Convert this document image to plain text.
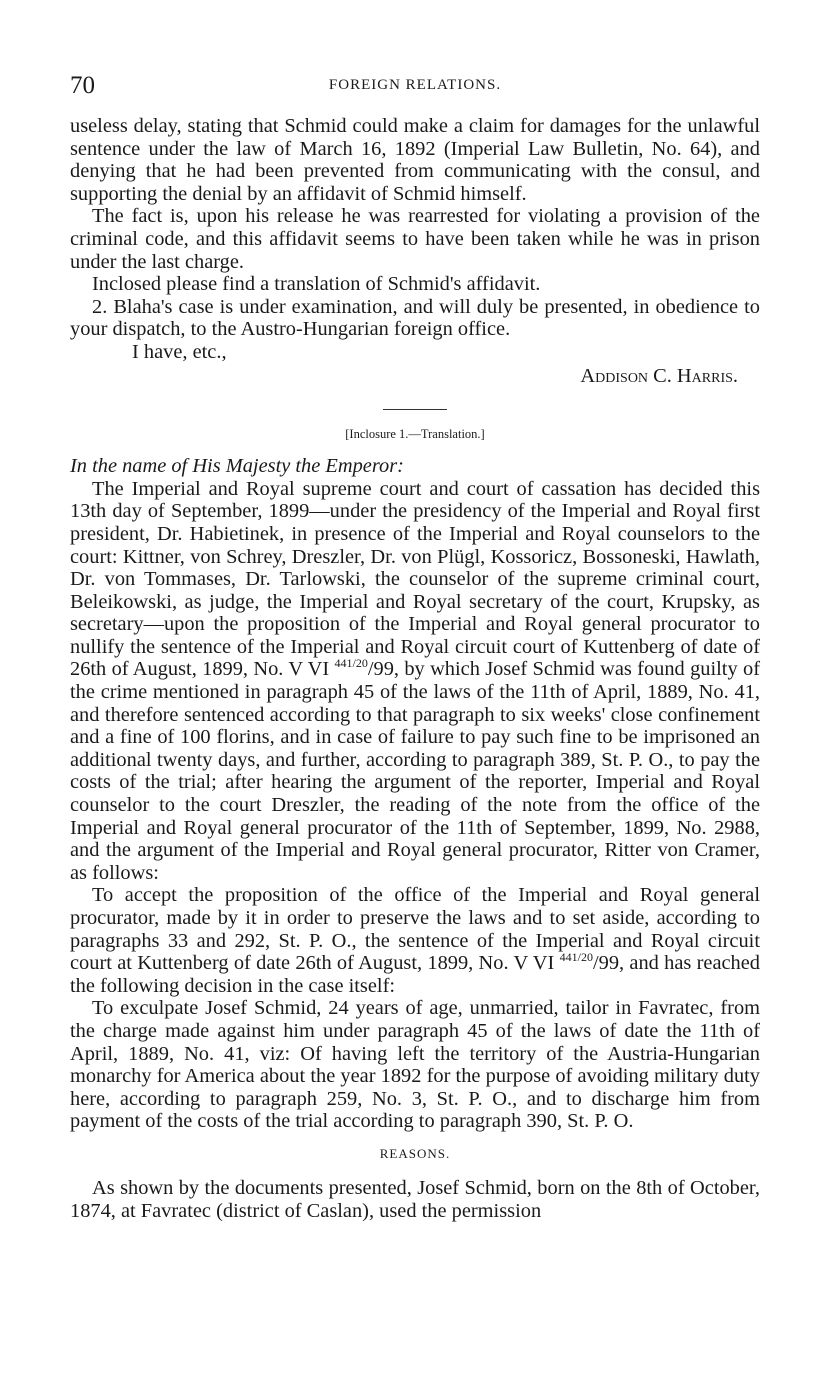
70	FOREIGN RELATIONS.

useless delay, stating that Schmid could make a claim for damages for the unlawful sentence under the law of March 16, 1892 (Imperial Law Bulletin, No. 64), and denying that he had been prevented from communicating with the consul, and supporting the denial by an affidavit of Schmid himself.

The fact is, upon his release he was rearrested for violating a provision of the criminal code, and this affidavit seems to have been taken while he was in prison under the last charge.

Inclosed please find a translation of Schmid's affidavit.

2. Blaha's case is under examination, and will duly be presented, in obedience to your dispatch, to the Austro-Hungarian foreign office.

I have, etc.,

Addison C. Harris.

[Inclosure 1.—Translation.]

In the name of His Majesty the Emperor:

The Imperial and Royal supreme court and court of cassation has decided this 13th day of September, 1899—under the presidency of the Imperial and Royal first president, Dr. Habietinek, in presence of the Imperial and Royal counselors to the court: Kittner, von Schrey, Dreszler, Dr. von Plügl, Kossoricz, Bossoneski, Hawlath, Dr. von Tommases, Dr. Tarlowski, the counselor of the supreme criminal court, Beleikowski, as judge, the Imperial and Royal secretary of the court, Krupsky, as secretary—upon the proposition of the Imperial and Royal general procurator to nullify the sentence of the Imperial and Royal circuit court of Kuttenberg of date of 26th of August, 1899, No. V VI $^{441/20}$/99, by which Josef Schmid was found guilty of the crime mentioned in paragraph 45 of the laws of the 11th of April, 1889, No. 41, and therefore sentenced according to that paragraph to six weeks' close confinement and a fine of 100 florins, and in case of failure to pay such fine to be imprisoned an additional twenty days, and further, according to paragraph 389, St. P. O., to pay the costs of the trial; after hearing the argument of the reporter, Imperial and Royal counselor to the court Dreszler, the reading of the note from the office of the Imperial and Royal general procurator of the 11th of September, 1899, No. 2988, and the argument of the Imperial and Royal general procurator, Ritter von Cramer, as follows:

To accept the proposition of the office of the Imperial and Royal general procurator, made by it in order to preserve the laws and to set aside, according to paragraphs 33 and 292, St. P. O., the sentence of the Imperial and Royal circuit court at Kuttenberg of date 26th of August, 1899, No. V VI $^{441/20}$/99, and has reached the following decision in the case itself:

To exculpate Josef Schmid, 24 years of age, unmarried, tailor in Favratec, from the charge made against him under paragraph 45 of the laws of date the 11th of April, 1889, No. 41, viz: Of having left the territory of the Austria-Hungarian monarchy for America about the year 1892 for the purpose of avoiding military duty here, according to paragraph 259, No. 3, St. P. O., and to discharge him from payment of the costs of the trial according to paragraph 390, St. P. O.

REASONS.

As shown by the documents presented, Josef Schmid, born on the 8th of October, 1874, at Favratec (district of Caslan), used the permission
